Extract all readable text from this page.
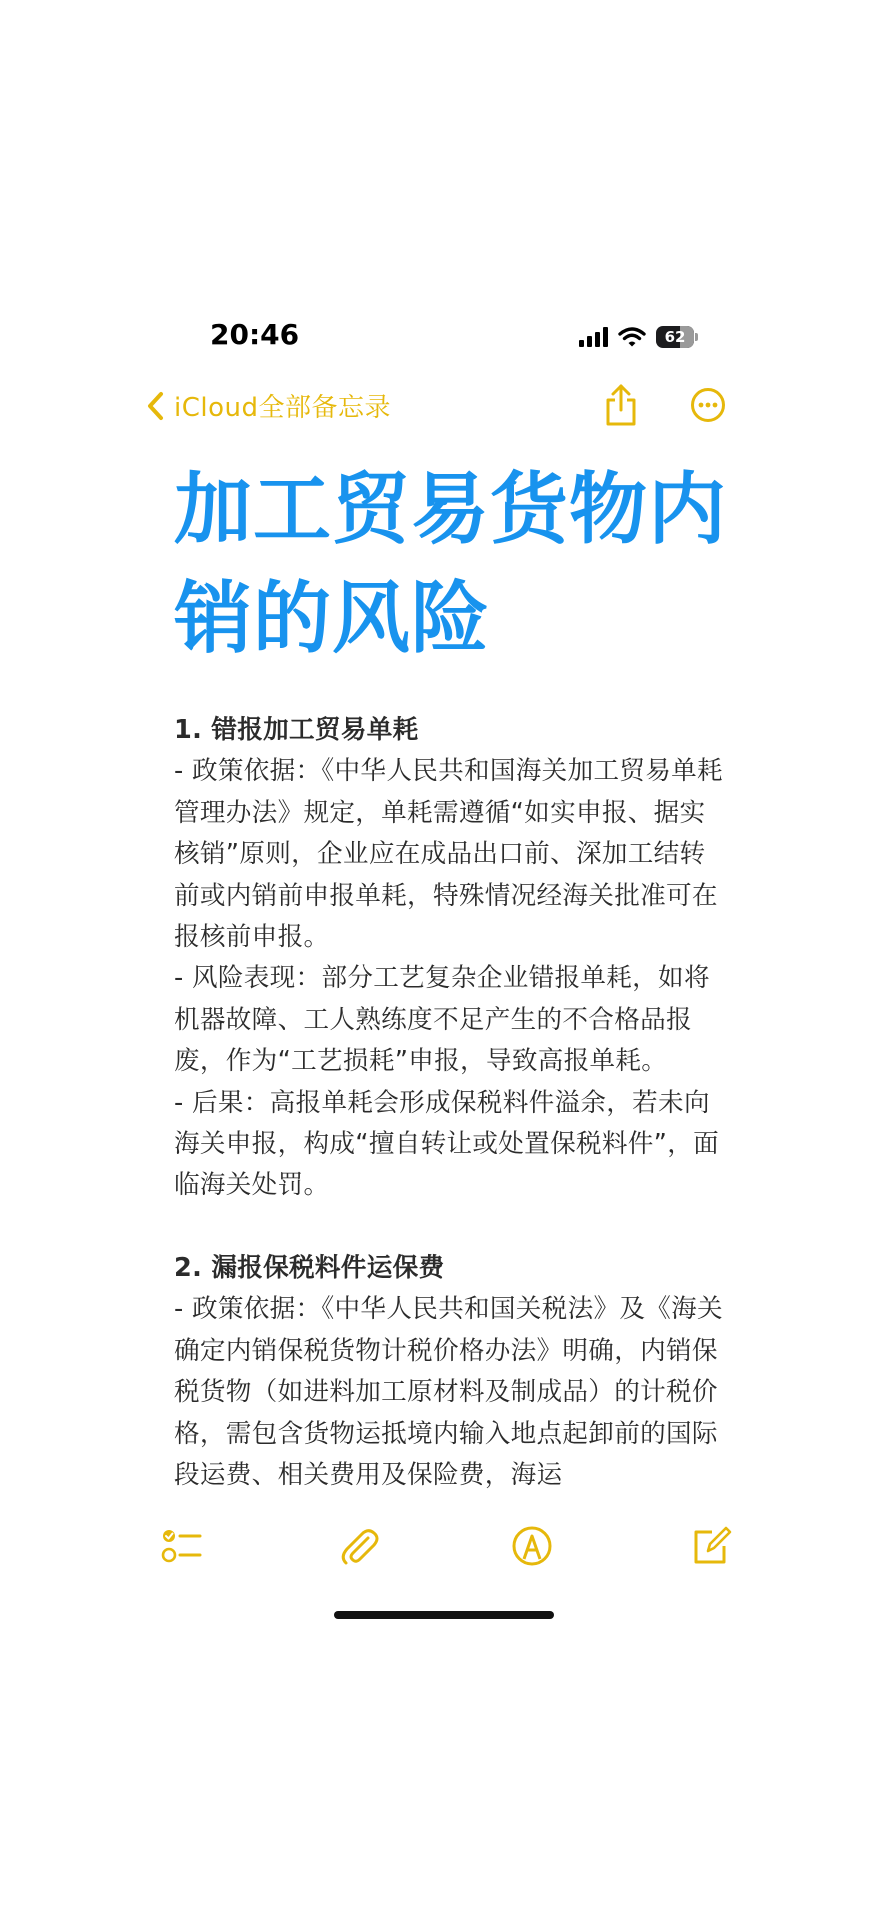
20:46	62
iCloud全部备忘录
加工贸易货物内销的风险

1. 错报加工贸易单耗

- 政策依据：《中华人民共和国海关加工贸易单耗管理办法》规定，单耗需遵循“如实申报、据实核销”原则，企业应在成品出口前、深加工结转前或内销前申报单耗，特殊情况经海关批准可在报核前申报。

- 风险表现：部分工艺复杂企业错报单耗，如将机器故障、工人熟练度不足产生的不合格品报废，作为“工艺损耗”申报，导致高报单耗。

- 后果：高报单耗会形成保税料件溢余，若未向海关申报，构成“擅自转让或处置保税料件”，面临海关处罚。

2. 漏报保税料件运保费

- 政策依据：《中华人民共和国关税法》及《海关确定内销保税货物计税价格办法》明确，内销保税货物（如进料加工原材料及制成品）的计税价格，需包含货物运抵境内输入地点起卸前的国际段运费、相关费用及保险费，海运
